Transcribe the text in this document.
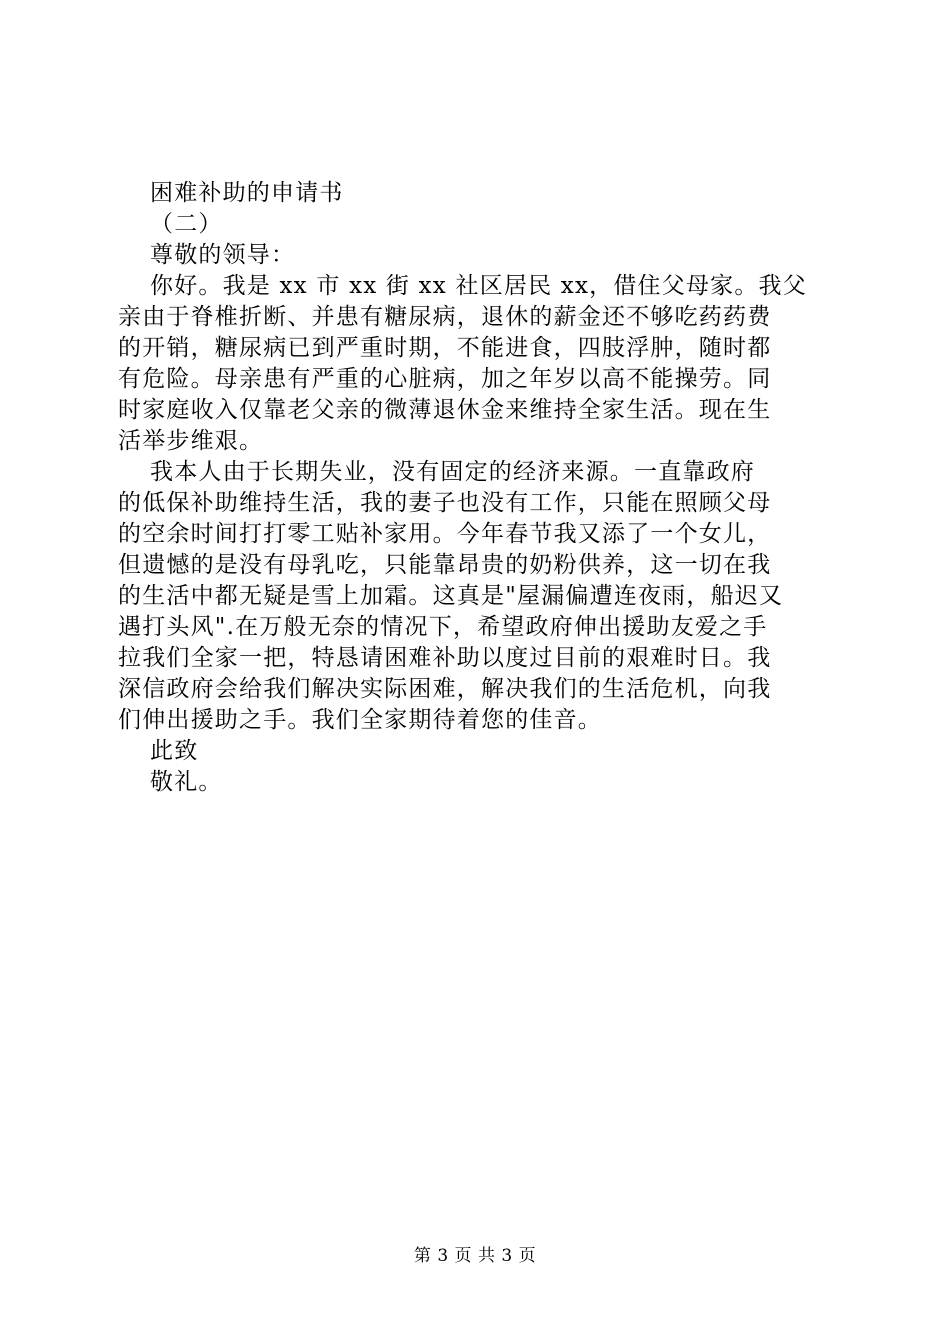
困难补助的申请书
（二）
尊敬的领导：
你好。我是 xx 市 xx 街 xx 社区居民 xx，借住父母家。我父
亲由于脊椎折断、并患有糖尿病，退休的薪金还不够吃药药费
的开销，糖尿病已到严重时期，不能进食，四肢浮肿，随时都
有危险。母亲患有严重的心脏病，加之年岁以高不能操劳。同
时家庭收入仅靠老父亲的微薄退休金来维持全家生活。现在生
活举步维艰。
我本人由于长期失业，没有固定的经济来源。一直靠政府
的低保补助维持生活，我的妻子也没有工作，只能在照顾父母
的空余时间打打零工贴补家用。今年春节我又添了一个女儿，
但遗憾的是没有母乳吃，只能靠昂贵的奶粉供养，这一切在我
的生活中都无疑是雪上加霜。这真是"屋漏偏遭连夜雨，船迟又
遇打头风".在万般无奈的情况下，希望政府伸出援助友爱之手
拉我们全家一把，特恳请困难补助以度过目前的艰难时日。我
深信政府会给我们解决实际困难，解决我们的生活危机，向我
们伸出援助之手。我们全家期待着您的佳音。
此致
敬礼。
第 3 页 共 3 页
